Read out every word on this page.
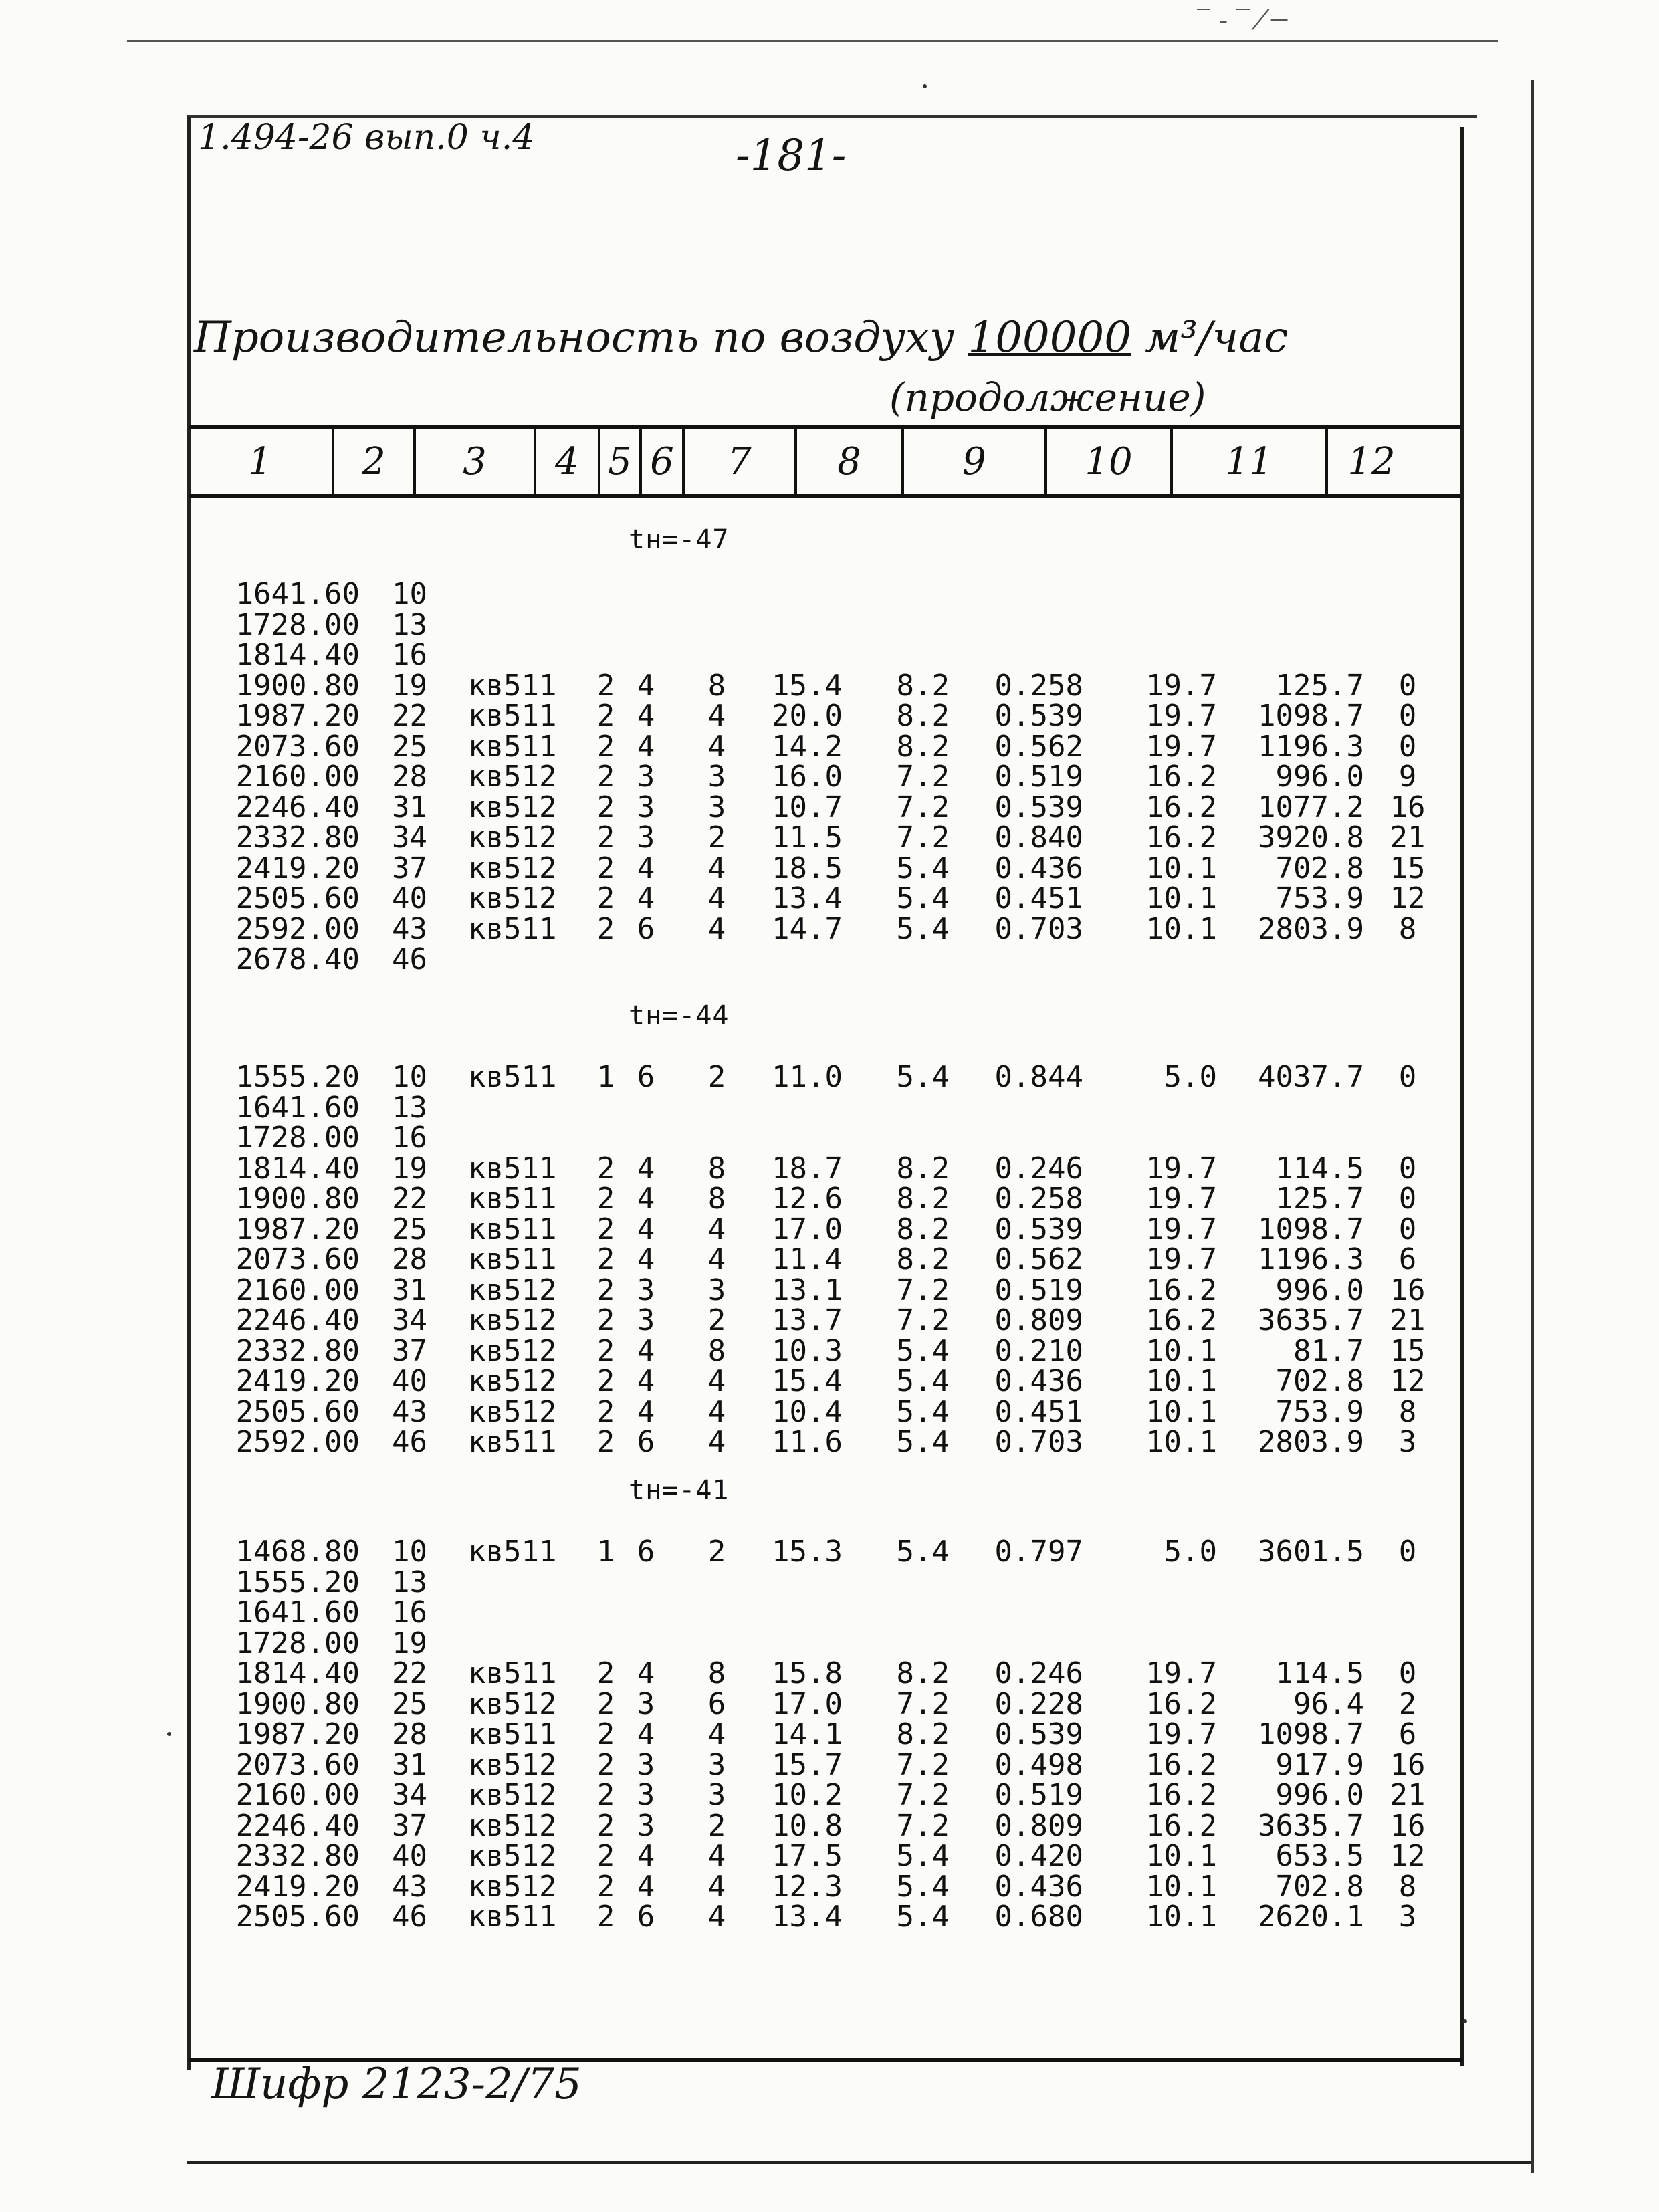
‾ ‐ ‾ ⁄ ─
1.494-26 вып.0 ч.4	-181-
Производительность по воздуху 100000 м³/час
(продолжение)
1	2	3	4 5 6	7	8	9	10	11	12
tн=-47
1641.60 10
1728.00 13
1814.40 16
1900.80 19	кв511	2 4 8	15.4	8.2	0.258	19.7	125.7	0
1987.20 22	кв511	2 4 4	20.0	8.2	0.539	19.7	1098.7	0
2073.60 25	кв511	2 4 4	14.2	8.2	0.562	19.7	1196.3	0
2160.00 28	кв512	2 3 3	16.0	7.2	0.519	16.2	996.0	9
2246.40 31	кв512	2 3 3	10.7	7.2	0.539	16.2	1077.2 16
2332.80 34	кв512	2 3 2	11.5	7.2	0.840	16.2	3920.8 21
2419.20 37	кв512	2 4 4	18.5	5.4	0.436	10.1	702.8 15
2505.60 40	кв512	2 4 4	13.4	5.4	0.451	10.1	753.9 12
2592.00 43	кв511	2 6 4	14.7	5.4	0.703	10.1	2803.9	8
2678.40 46
tн=-44
1555.20 10	кв511	1 6 2	11.0	5.4	0.844	5.0	4037.7	0
1641.60 13
1728.00 16
1814.40 19	кв511	2 4 8	18.7	8.2	0.246	19.7	114.5	0
1900.80 22	кв511	2 4 8	12.6	8.2	0.258	19.7	125.7	0
1987.20 25	кв511	2 4 4	17.0	8.2	0.539	19.7	1098.7	0
2073.60 28	кв511	2 4 4	11.4	8.2	0.562	19.7	1196.3	6
2160.00 31	кв512	2 3 3	13.1	7.2	0.519	16.2	996.0 16
2246.40 34	кв512	2 3 2	13.7	7.2	0.809	16.2	3635.7 21
2332.80 37	кв512	2 4 8	10.3	5.4	0.210	10.1	81.7 15
2419.20 40	кв512	2 4 4	15.4	5.4	0.436	10.1	702.8 12
2505.60 43	кв512	2 4 4	10.4	5.4	0.451	10.1	753.9	8
2592.00 46	кв511	2 6 4	11.6	5.4	0.703	10.1	2803.9	3
tн=-41
1468.80 10	кв511	1 6 2	15.3	5.4	0.797	5.0	3601.5	0
1555.20 13
1641.60 16
1728.00 19
1814.40 22	кв511	2 4 8	15.8	8.2	0.246	19.7	114.5	0
1900.80 25	кв512	2 3 6	17.0	7.2	0.228	16.2	96.4	2
1987.20 28	кв511	2 4 4	14.1	8.2	0.539	19.7	1098.7	6
2073.60 31	кв512	2 3 3	15.7	7.2	0.498	16.2	917.9 16
2160.00 34	кв512	2 3 3	10.2	7.2	0.519	16.2	996.0 21
2246.40 37	кв512	2 3 2	10.8	7.2	0.809	16.2	3635.7 16
2332.80 40	кв512	2 4 4	17.5	5.4	0.420	10.1	653.5 12
2419.20 43	кв512	2 4 4	12.3	5.4	0.436	10.1	702.8	8
2505.60 46	кв511	2 6 4	13.4	5.4	0.680	10.1	2620.1	3
Шифр 2123-2/75
